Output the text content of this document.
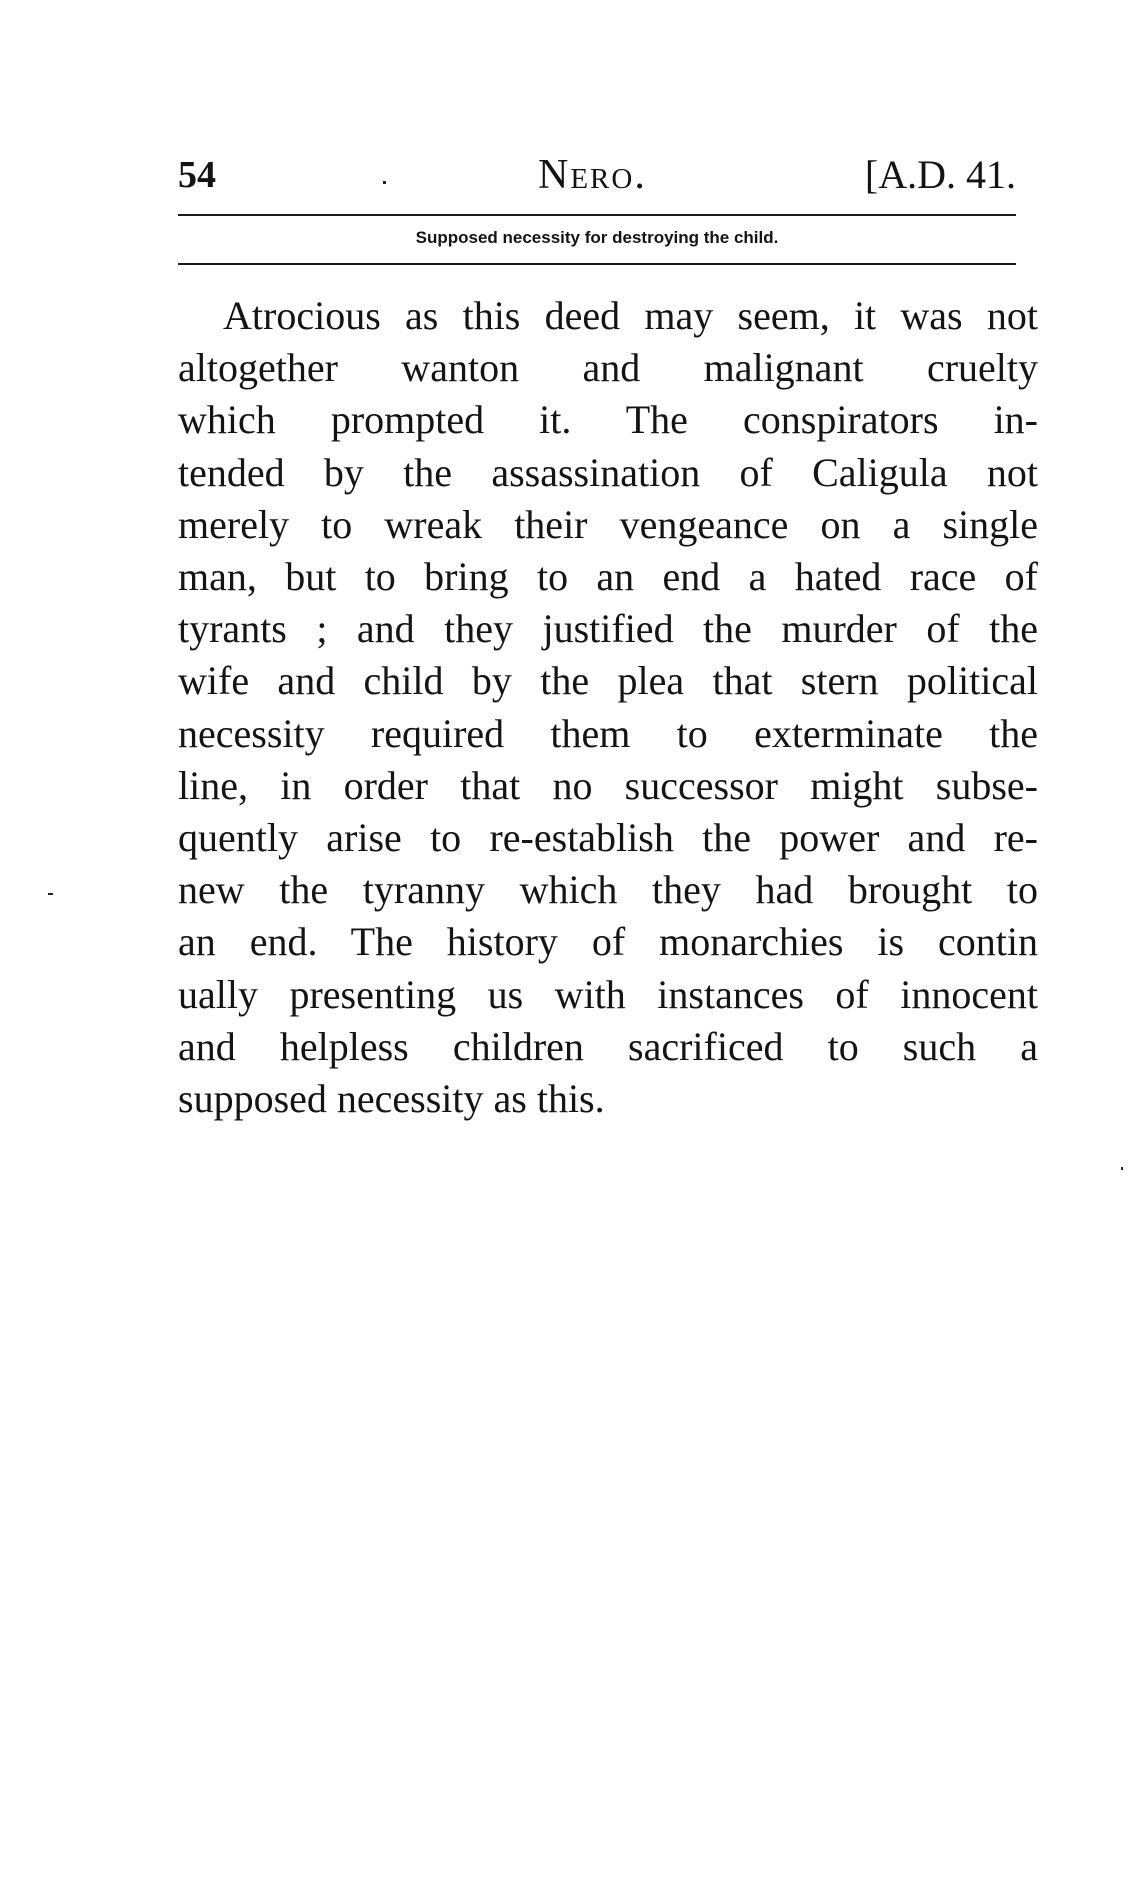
54	Nero.	[A.D. 41.
Supposed necessity for destroying the child.
Atrocious as this deed may seem, it was not
altogether wanton and malignant cruelty
which prompted it. The conspirators in-
tended by the assassination of Caligula not
merely to wreak their vengeance on a single
man, but to bring to an end a hated race of
tyrants ; and they justified the murder of the
wife and child by the plea that stern political
necessity required them to exterminate the
line, in order that no successor might subse-
quently arise to re-establish the power and re-
new the tyranny which they had brought to
an end. The history of monarchies is contin
ually presenting us with instances of innocent
and helpless children sacrificed to such a
supposed necessity as this.
